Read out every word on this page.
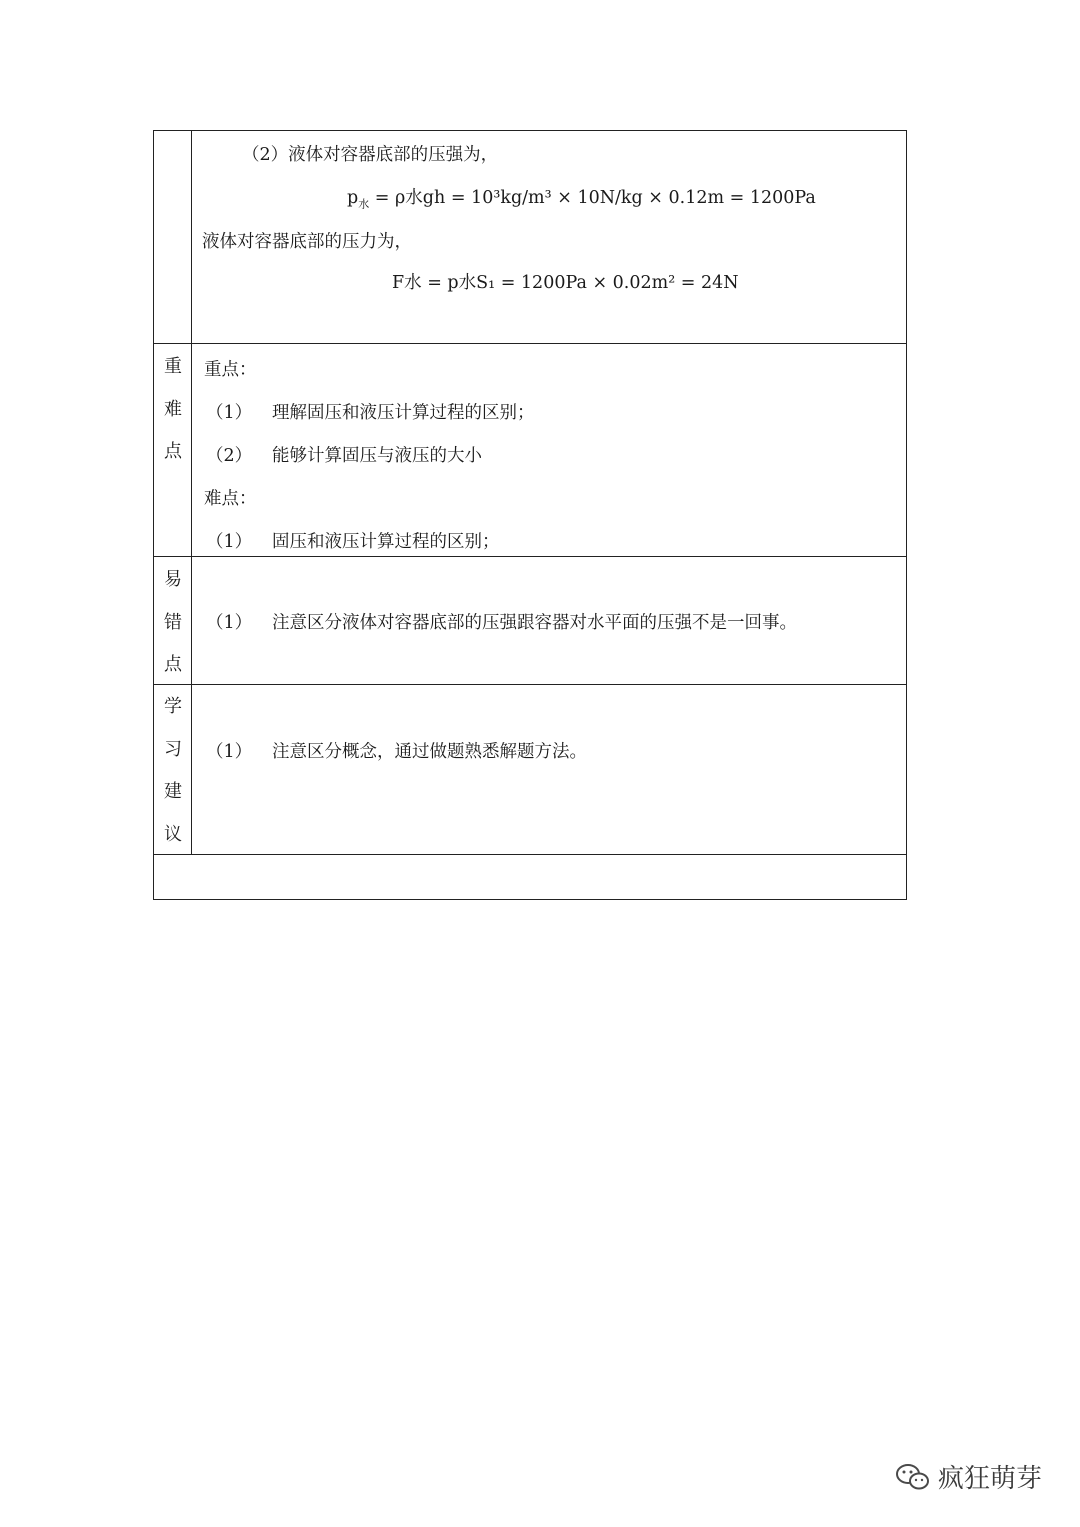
（2）液体对容器底部的压强为，
$p_水 = \rho$水gh = 10³kg/m³ × 10N/kg × 0.12m = 1200Pa
液体对容器底部的压力为，
F水 = p水S₁ = 1200Pa × 0.02m² = 24N
重
难
点
重点：
（1） 理解固压和液压计算过程的区别；
（2） 能够计算固压与液压的大小
难点：
（1） 固压和液压计算过程的区别；
易
错
点
（1） 注意区分液体对容器底部的压强跟容器对水平面的压强不是一回事。
学
习
建
议
（1） 注意区分概念，通过做题熟悉解题方法。
疯狂萌芽
